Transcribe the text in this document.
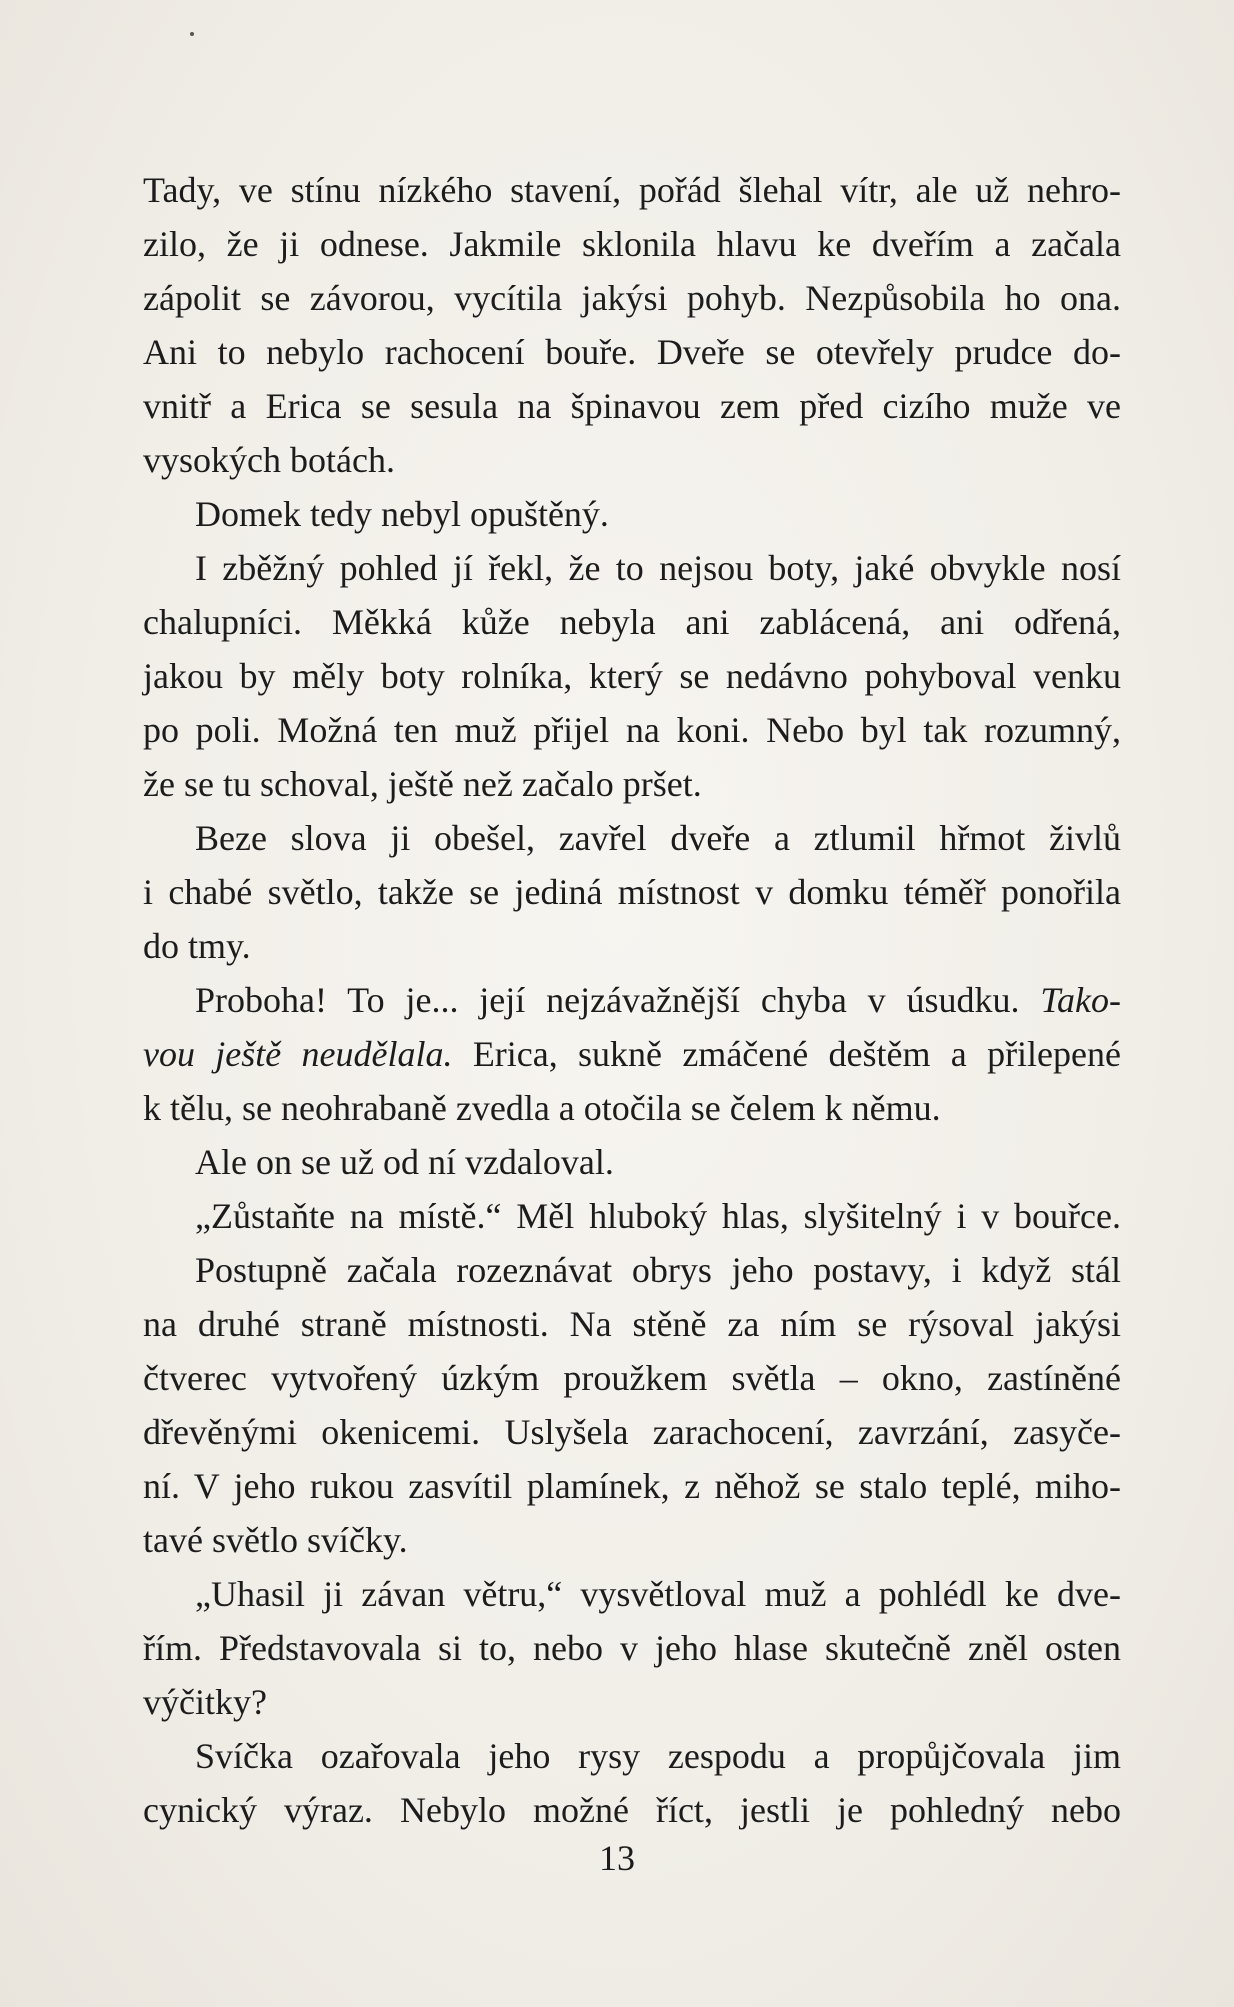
Tady, ve stínu nízkého stavení, pořád šlehal vítr, ale už nehro-
zilo, že ji odnese. Jakmile sklonila hlavu ke dveřím a začala
zápolit se závorou, vycítila jakýsi pohyb. Nezpůsobila ho ona.
Ani to nebylo rachocení bouře. Dveře se otevřely prudce do-
vnitř a Erica se sesula na špinavou zem před cizího muže ve
vysokých botách.
Domek tedy nebyl opuštěný.
I zběžný pohled jí řekl, že to nejsou boty, jaké obvykle nosí
chalupníci. Měkká kůže nebyla ani zablácená, ani odřená,
jakou by měly boty rolníka, který se nedávno pohyboval venku
po poli. Možná ten muž přijel na koni. Nebo byl tak rozumný,
že se tu schoval, ještě než začalo pršet.
Beze slova ji obešel, zavřel dveře a ztlumil hřmot živlů
i chabé světlo, takže se jediná místnost v domku téměř ponořila
do tmy.
Proboha! To je... její nejzávažnější chyba v úsudku. Tako-
vou ještě neudělala. Erica, sukně zmáčené deštěm a přilepené
k tělu, se neohrabaně zvedla a otočila se čelem k němu.
Ale on se už od ní vzdaloval.
„Zůstaňte na místě.“ Měl hluboký hlas, slyšitelný i v bouřce.
Postupně začala rozeznávat obrys jeho postavy, i když stál
na druhé straně místnosti. Na stěně za ním se rýsoval jakýsi
čtverec vytvořený úzkým proužkem světla – okno, zastíněné
dřevěnými okenicemi. Uslyšela zarachocení, zavrzání, zasyče-
ní. V jeho rukou zasvítil plamínek, z něhož se stalo teplé, miho-
tavé světlo svíčky.
„Uhasil ji závan větru,“ vysvětloval muž a pohlédl ke dve-
řím. Představovala si to, nebo v jeho hlase skutečně zněl osten
výčitky?
Svíčka ozařovala jeho rysy zespodu a propůjčovala jim
cynický výraz. Nebylo možné říct, jestli je pohledný nebo
13
